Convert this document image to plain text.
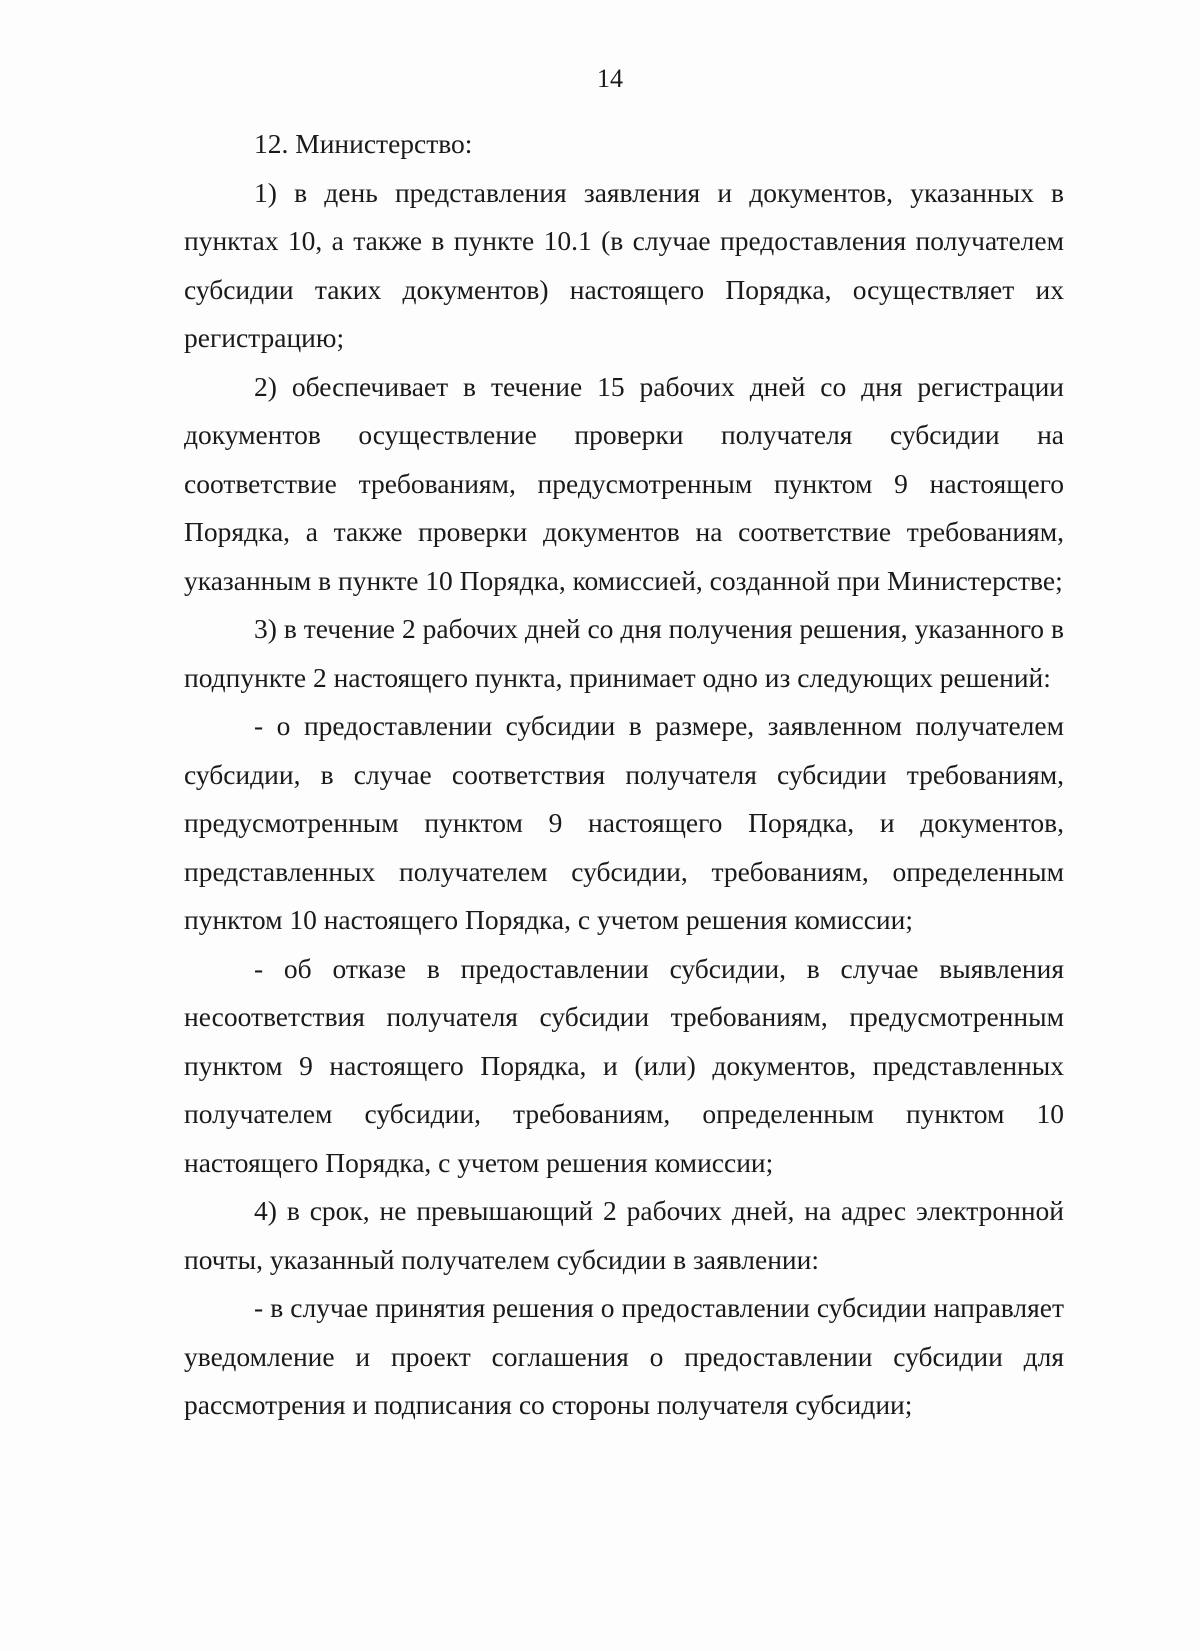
14

12. Министерство:

1) в день представления заявления и документов, указанных в пунктах 10, а также в пункте 10.1 (в случае предоставления получателем субсидии таких документов) настоящего Порядка, осуществляет их регистрацию;

2) обеспечивает в течение 15 рабочих дней со дня регистрации документов осуществление проверки получателя субсидии на соответствие требованиям, предусмотренным пунктом 9 настоящего Порядка, а также проверки документов на соответствие требованиям, указанным в пункте 10 Порядка, комиссией, созданной при Министерстве;

3) в течение 2 рабочих дней со дня получения решения, указанного в подпункте 2 настоящего пункта, принимает одно из следующих решений:

- о предоставлении субсидии в размере, заявленном получателем субсидии, в случае соответствия получателя субсидии требованиям, предусмотренным пунктом 9 настоящего Порядка, и документов, представленных получателем субсидии, требованиям, определенным пунктом 10 настоящего Порядка, с учетом решения комиссии;

- об отказе в предоставлении субсидии, в случае выявления несоответствия получателя субсидии требованиям, предусмотренным пунктом 9 настоящего Порядка, и (или) документов, представленных получателем субсидии, требованиям, определенным пунктом 10 настоящего Порядка, с учетом решения комиссии;

4) в срок, не превышающий 2 рабочих дней, на адрес электронной почты, указанный получателем субсидии в заявлении:

- в случае принятия решения о предоставлении субсидии направляет уведомление и проект соглашения о предоставлении субсидии для рассмотрения и подписания со стороны получателя субсидии;
